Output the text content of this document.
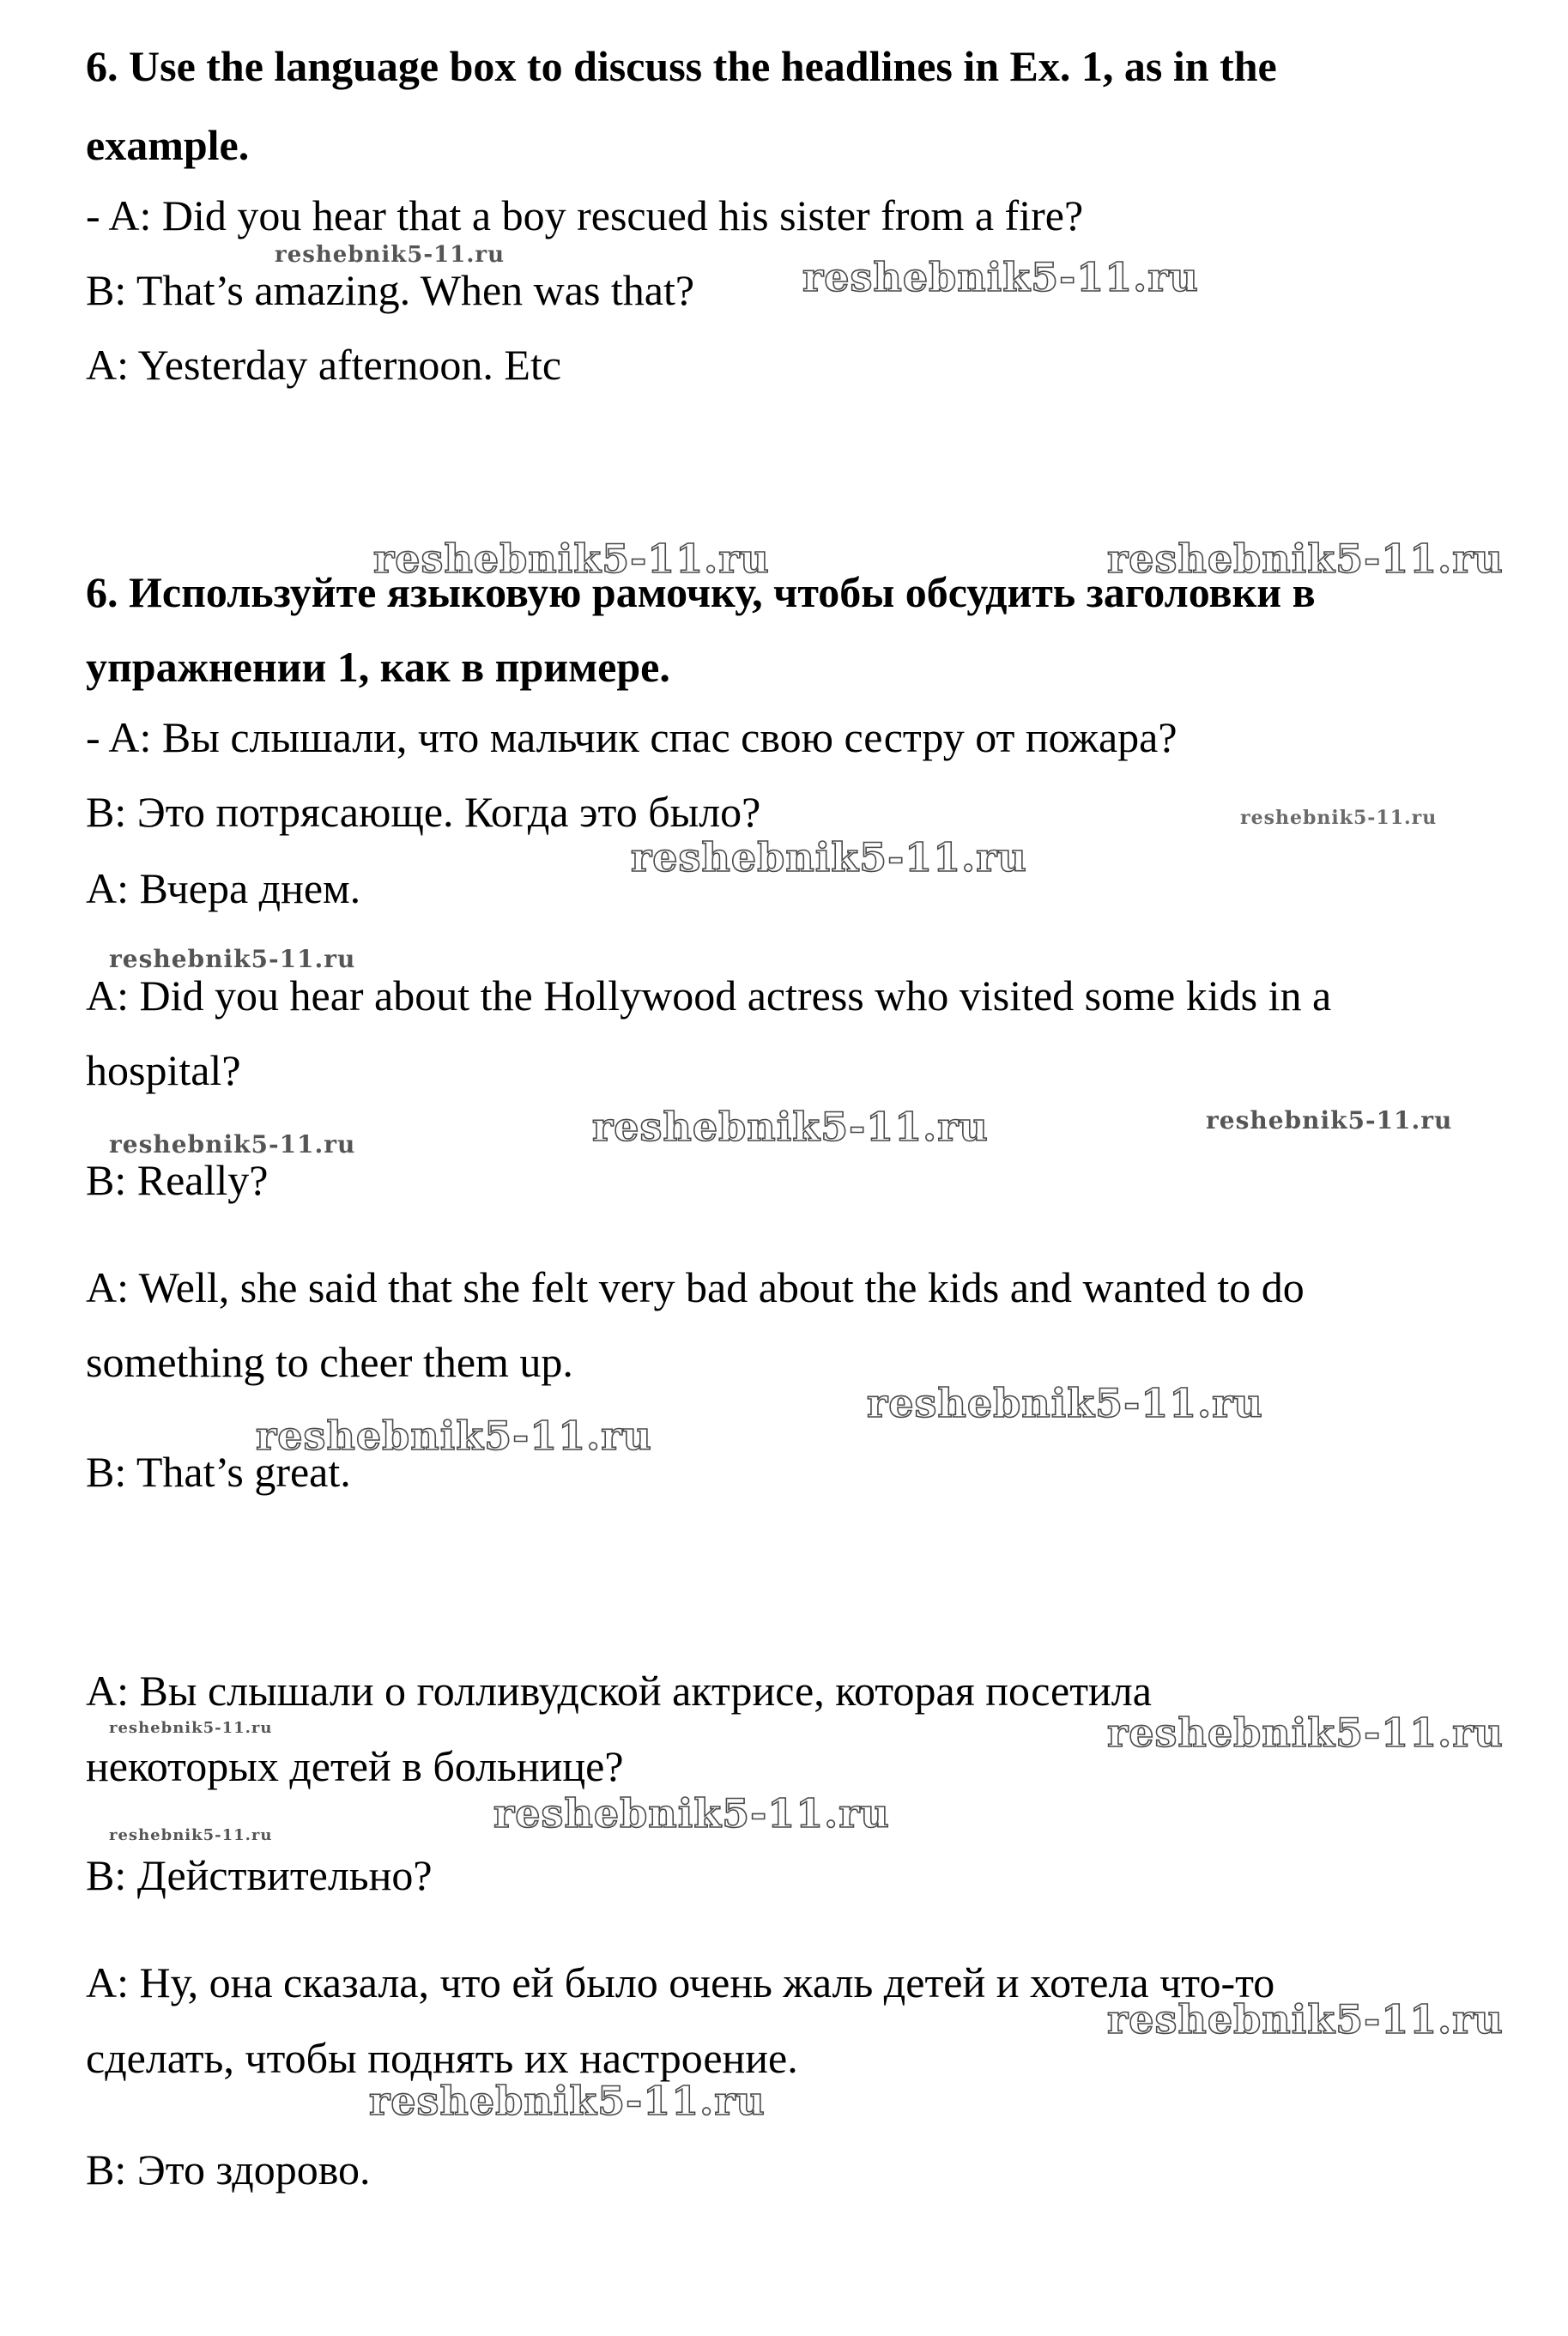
6. Use the language box to discuss the headlines in Ex. 1, as in the
example.
- A: Did you hear that a boy rescued his sister from a fire?
B: That’s amazing. When was that?
A: Yesterday afternoon. Etc
6. Используйте языковую рамочку, чтобы обсудить заголовки в
упражнении 1, как в примере.
- A: Вы слышали, что мальчик спас свою сестру от пожара?
B: Это потрясающе. Когда это было?
A: Вчера днем.
A: Did you hear about the Hollywood actress who visited some kids in a
hospital?
B: Really?
A: Well, she said that she felt very bad about the kids and wanted to do
something to cheer them up.
B: That’s great.
A: Вы слышали о голливудской актрисе, которая посетила
некоторых детей в больнице?
B: Действительно?
A: Ну, она сказала, что ей было очень жаль детей и хотела что-то
сделать, чтобы поднять их настроение.
B: Это здорово.
reshebnik5-11.ru	reshebnik5-11.ru
reshebnik5-11.ru	reshebnik5-11.ru
reshebnik5-11.ru
reshebnik5-11.ru
reshebnik5-11.ru
reshebnik5-11.ru	reshebnik5-11.ru
reshebnik5-11.ru
reshebnik5-11.ru
reshebnik5-11.ru
reshebnik5-11.ru	reshebnik5-11.ru
reshebnik5-11.ru
reshebnik5-11.ru
reshebnik5-11.ru
reshebnik5-11.ru
